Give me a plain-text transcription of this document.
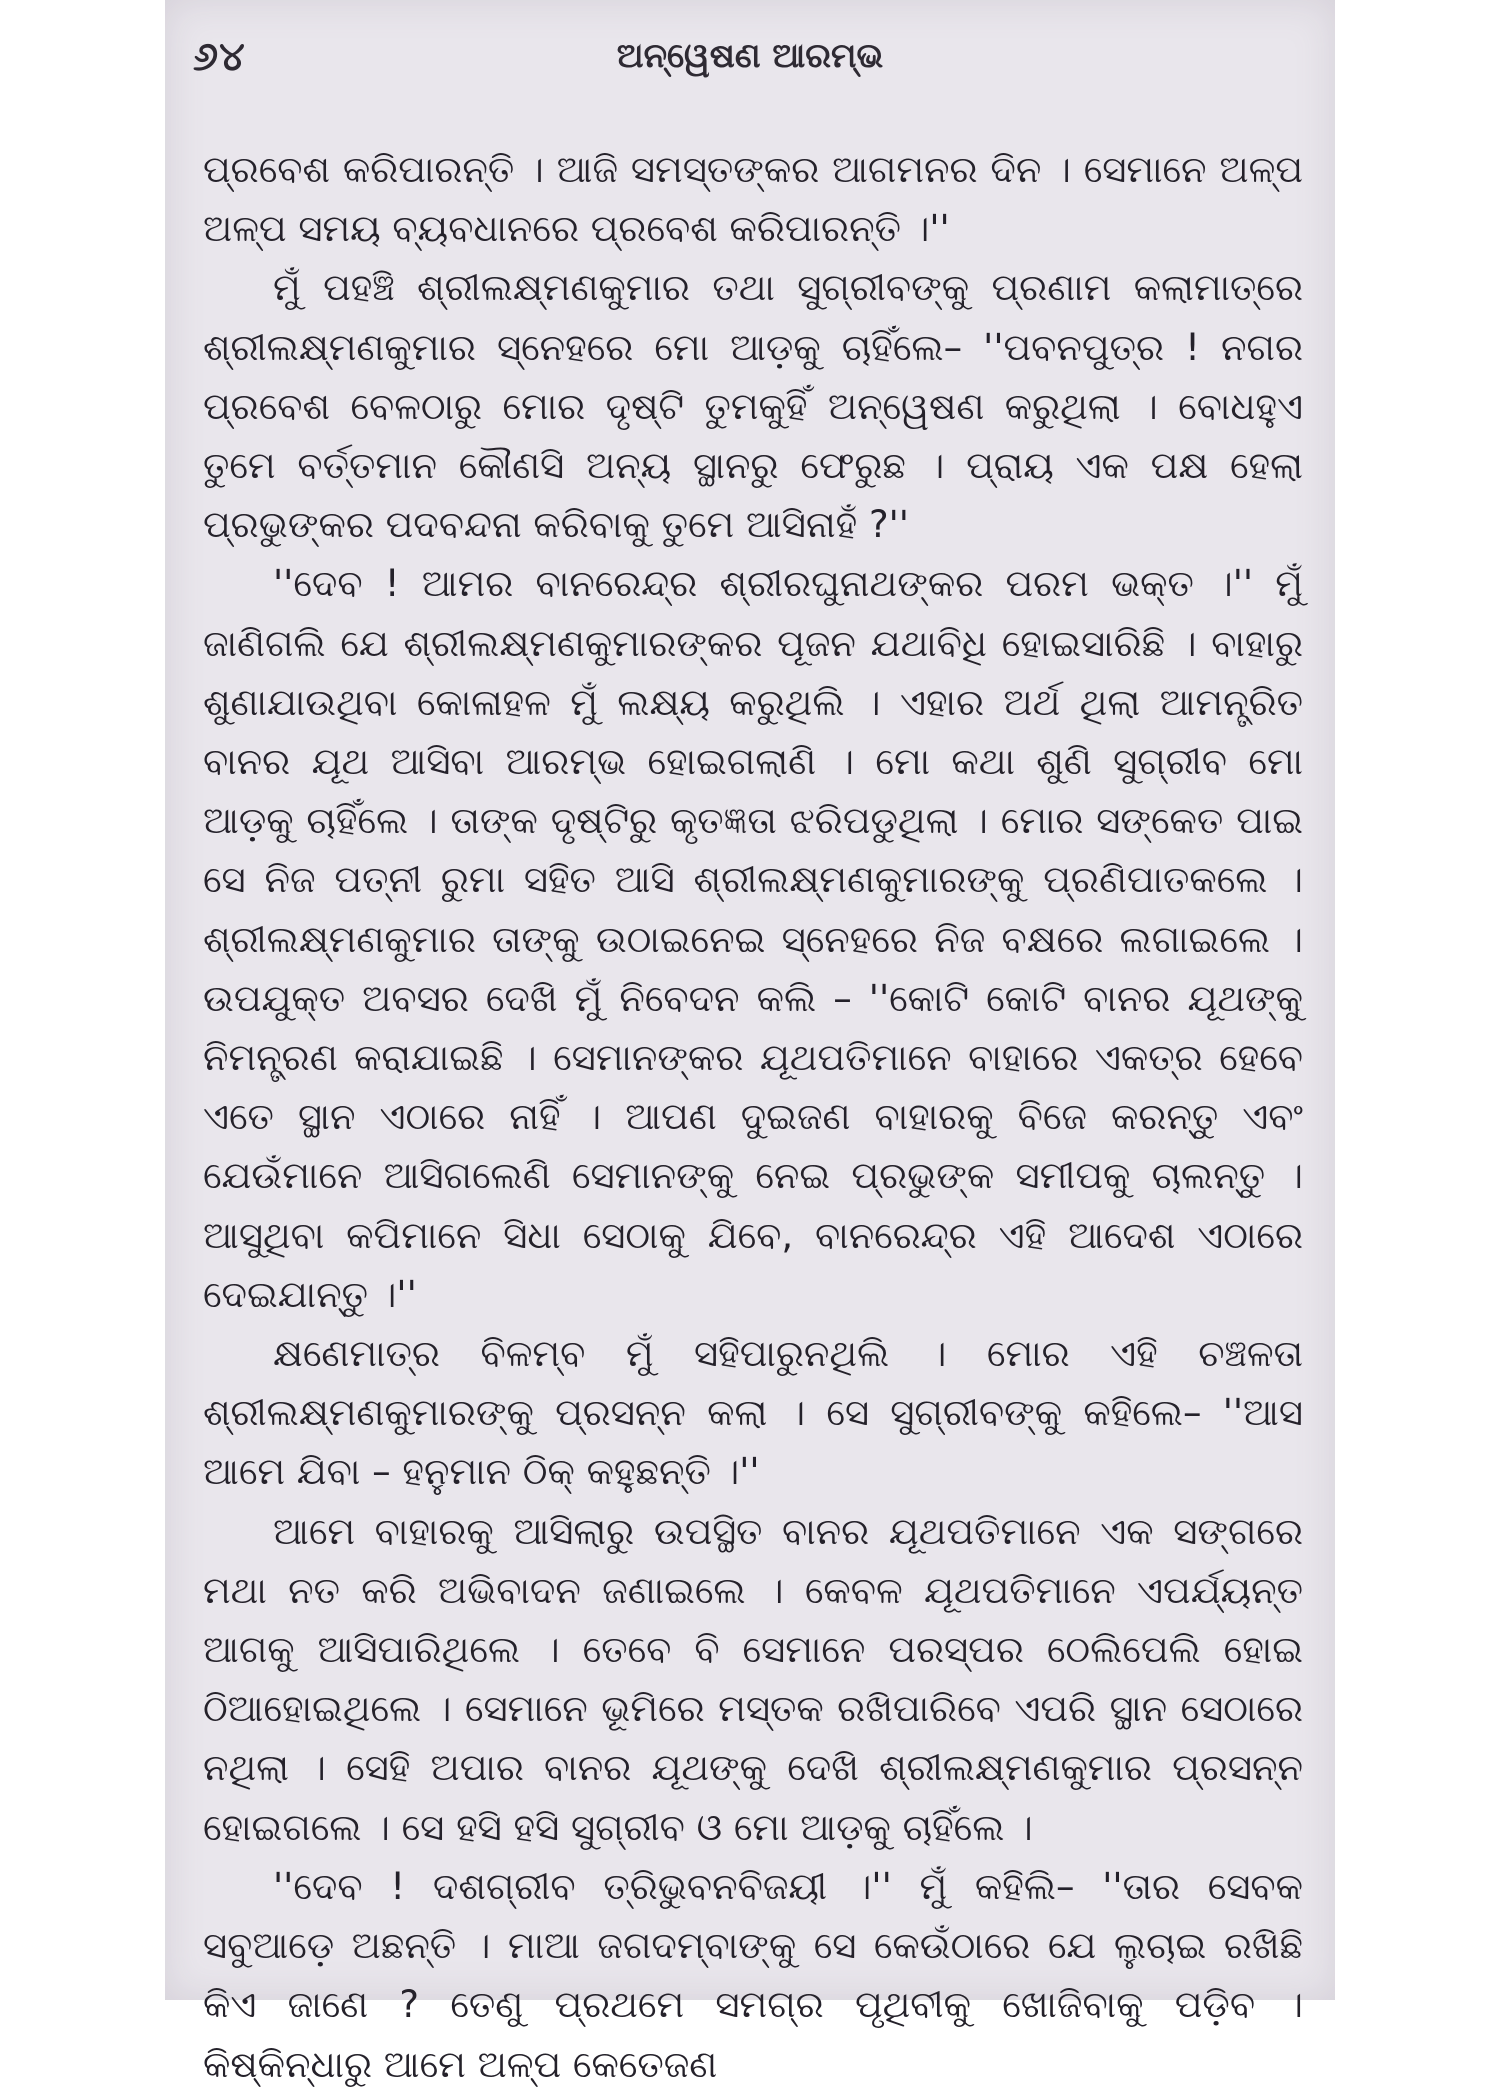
୬୪	ଅନ୍ୱେଷଣ ଆରମ୍ଭ

ପ୍ରବେଶ କରିପାରନ୍ତି । ଆଜି ସମସ୍ତଙ୍କର ଆଗମନର ଦିନ । ସେମାନେ ଅଳ୍ପ ଅଳ୍ପ ସମୟ ବ୍ୟବଧାନରେ ପ୍ରବେଶ କରିପାରନ୍ତି ।''

ମୁଁ ପହଞ୍ଚି ଶ୍ରୀଲକ୍ଷ୍ମଣକୁମାର ତଥା ସୁଗ୍ରୀବଙ୍କୁ ପ୍ରଣାମ କଲାମାତ୍ରେ ଶ୍ରୀଲକ୍ଷ୍ମଣକୁମାର ସ୍ନେହରେ ମୋ ଆଡ଼କୁ ଚାହିଁଲେ– ''ପବନପୁତ୍ର ! ନଗର ପ୍ରବେଶ ବେଳଠାରୁ ମୋର ଦୃଷ୍ଟି ତୁମକୁହିଁ ଅନ୍ୱେଷଣ କରୁଥିଲା । ବୋଧହୁଏ ତୁମେ ବର୍ତ୍ତମାନ କୌଣସି ଅନ୍ୟ ସ୍ଥାନରୁ ଫେରୁଛ । ପ୍ରାୟ ଏକ ପକ୍ଷ ହେଲା ପ୍ରଭୁଙ୍କର ପଦବନ୍ଦନା କରିବାକୁ ତୁମେ ଆସିନାହଁ ?''

''ଦେବ ! ଆମର ବାନରେନ୍ଦ୍ର ଶ୍ରୀରଘୁନାଥଙ୍କର ପରମ ଭକ୍ତ ।'' ମୁଁ ଜାଣିଗଲି ଯେ ଶ୍ରୀଲକ୍ଷ୍ମଣକୁମାରଙ୍କର ପୂଜନ ଯଥାବିଧି ହୋଇସାରିଛି । ବାହାରୁ ଶୁଣାଯାଉଥିବା କୋଳାହଳ ମୁଁ ଲକ୍ଷ୍ୟ କରୁଥିଲି । ଏହାର ଅର୍ଥ ଥିଲା ଆମନ୍ତ୍ରିତ ବାନର ଯୂଥ ଆସିବା ଆରମ୍ଭ ହୋଇଗଲାଣି । ମୋ କଥା ଶୁଣି ସୁଗ୍ରୀବ ମୋ ଆଡ଼କୁ ଚାହିଁଲେ । ତାଙ୍କ ଦୃଷ୍ଟିରୁ କୃତଜ୍ଞତା ଝରିପଡୁଥିଲା । ମୋର ସଙ୍କେତ ପାଇ ସେ ନିଜ ପତ୍ନୀ ରୁମା ସହିତ ଆସି ଶ୍ରୀଲକ୍ଷ୍ମଣକୁମାରଙ୍କୁ ପ୍ରଣିପାତକଲେ । ଶ୍ରୀଲକ୍ଷ୍ମଣକୁମାର ତାଙ୍କୁ ଉଠାଇନେଇ ସ୍ନେହରେ ନିଜ ବକ୍ଷରେ ଲଗାଇଲେ । ଉପଯୁକ୍ତ ଅବସର ଦେଖି ମୁଁ ନିବେଦନ କଲି – ''କୋଟି କୋଟି ବାନର ଯୂଥଙ୍କୁ ନିମନ୍ତ୍ରଣ କରାଯାଇଛି । ସେମାନଙ୍କର ଯୂଥପତିମାନେ ବାହାରେ ଏକତ୍ର ହେବେ ଏତେ ସ୍ଥାନ ଏଠାରେ ନାହିଁ । ଆପଣ ଦୁଇଜଣ ବାହାରକୁ ବିଜେ କରନ୍ତୁ ଏବଂ ଯେଉଁମାନେ ଆସିଗଲେଣି ସେମାନଙ୍କୁ ନେଇ ପ୍ରଭୁଙ୍କ ସମୀପକୁ ଚାଲନ୍ତୁ । ଆସୁଥିବା କପିମାନେ ସିଧା ସେଠାକୁ ଯିବେ, ବାନରେନ୍ଦ୍ର ଏହି ଆଦେଶ ଏଠାରେ ଦେଇଯାନ୍ତୁ ।''

କ୍ଷଣେମାତ୍ର ବିଳମ୍ବ ମୁଁ ସହିପାରୁନଥିଲି । ମୋର ଏହି ଚଞ୍ଚଳତା ଶ୍ରୀଲକ୍ଷ୍ମଣକୁମାରଙ୍କୁ ପ୍ରସନ୍ନ କଲା । ସେ ସୁଗ୍ରୀବଙ୍କୁ କହିଲେ– ''ଆସ ଆମେ ଯିବା – ହନୁମାନ ଠିକ୍ କହୁଛନ୍ତି ।''

ଆମେ ବାହାରକୁ ଆସିଲାରୁ ଉପସ୍ଥିତ ବାନର ଯୂଥପତିମାନେ ଏକ ସଙ୍ଗରେ ମଥା ନତ କରି ଅଭିବାଦନ ଜଣାଇଲେ । କେବଳ ଯୂଥପତିମାନେ ଏପର୍ଯ୍ୟନ୍ତ ଆଗକୁ ଆସିପାରିଥିଲେ । ତେବେ ବି ସେମାନେ ପରସ୍ପର ଠେଲିପେଲି ହୋଇ ଠିଆହୋଇଥିଲେ । ସେମାନେ ଭୂମିରେ ମସ୍ତକ ରଖିପାରିବେ ଏପରି ସ୍ଥାନ ସେଠାରେ ନଥିଲା । ସେହି ଅପାର ବାନର ଯୂଥଙ୍କୁ ଦେଖି ଶ୍ରୀଲକ୍ଷ୍ମଣକୁମାର ପ୍ରସନ୍ନ ହୋଇଗଲେ । ସେ ହସି ହସି ସୁଗ୍ରୀବ ଓ ମୋ ଆଡ଼କୁ ଚାହିଁଲେ ।

''ଦେବ ! ଦଶଗ୍ରୀବ ତ୍ରିଭୁବନବିଜୟୀ ।'' ମୁଁ କହିଲି– ''ତାର ସେବକ ସବୁଆଡ଼େ ଅଛନ୍ତି । ମାଆ ଜଗଦମ୍ବାଙ୍କୁ ସେ କେଉଁଠାରେ ଯେ ଲୁଚାଇ ରଖିଛି କିଏ ଜାଣେ ? ତେଣୁ ପ୍ରଥମେ ସମଗ୍ର ପୃଥିବୀକୁ ଖୋଜିବାକୁ ପଡ଼ିବ । କିଷ୍କିନ୍ଧାରୁ ଆମେ ଅଳ୍ପ କେତେଜଣ
